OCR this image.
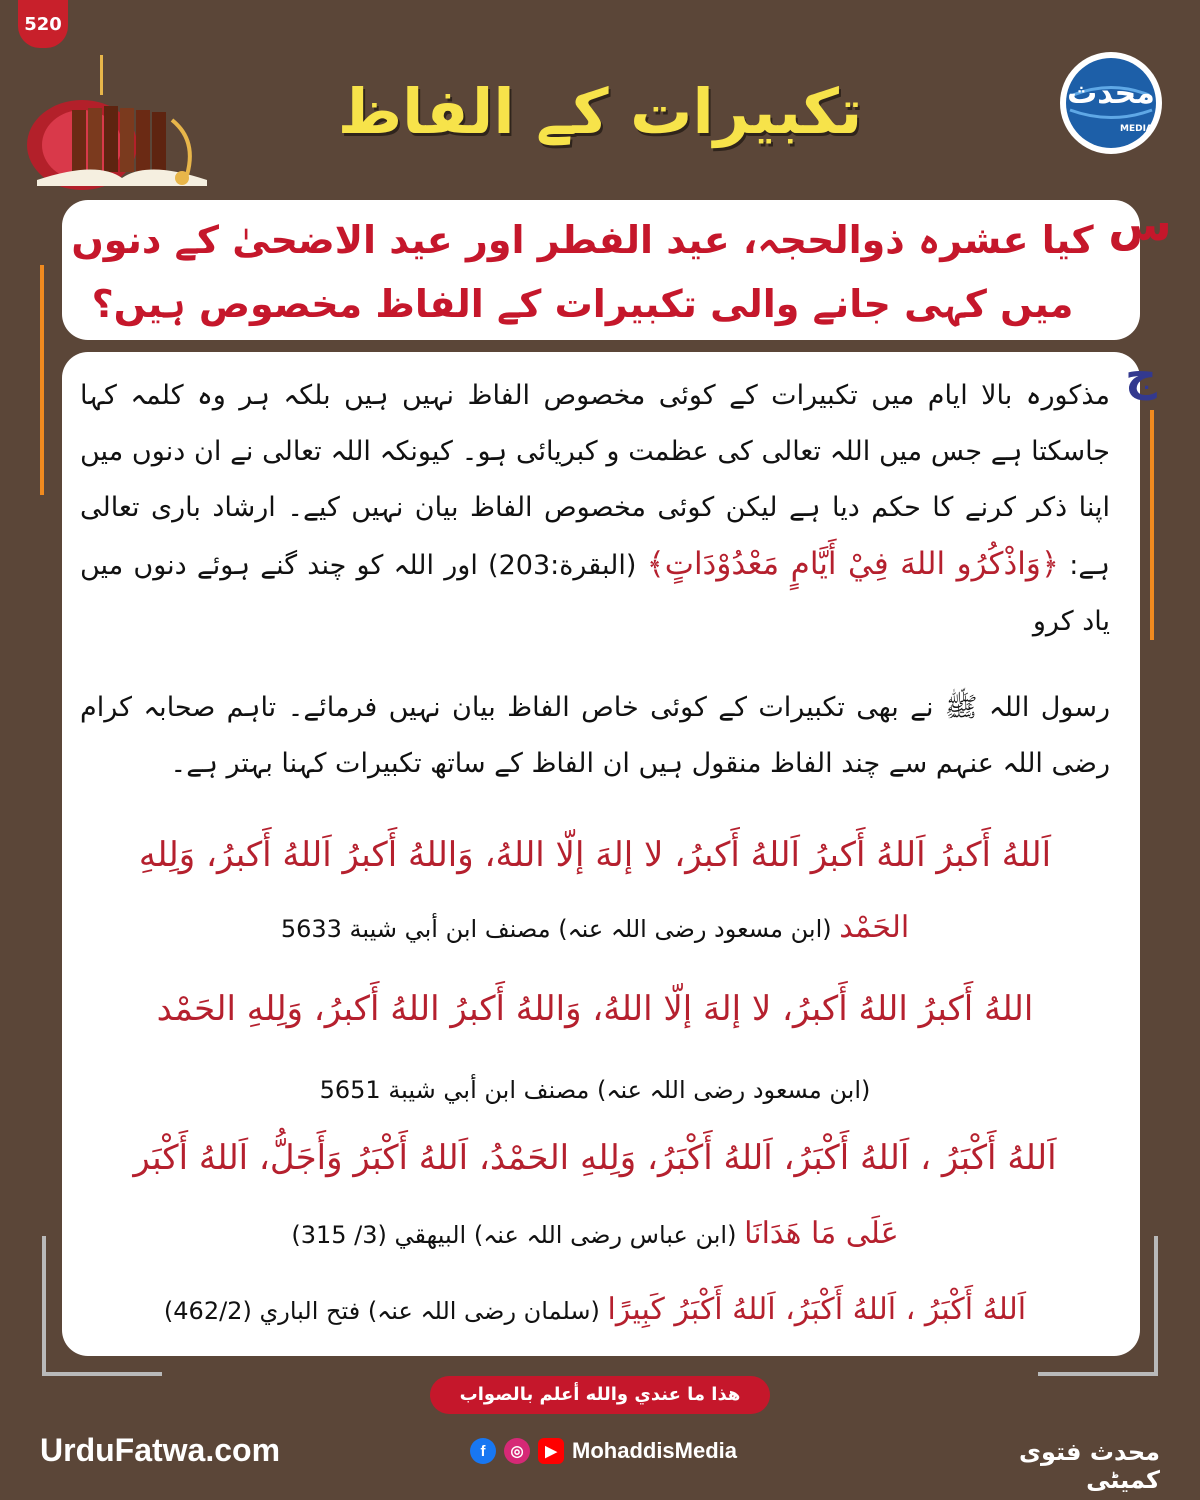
520
تکبیرات کے الفاظ	محدث
MEDIA
کیا عشرہ ذوالحجہ، عید الفطر اور عید الاضحیٰ کے دنوں میں کہی جانے والی تکبیرات کے الفاظ مخصوص ہیں؟
س
ج
مذکورہ بالا ایام میں تکبیرات کے کوئی مخصوص الفاظ نہیں ہیں بلکہ ہر وہ کلمہ کہا جاسکتا ہے جس میں اللہ تعالی کی عظمت و کبریائی ہو۔ کیونکہ اللہ تعالی نے ان دنوں میں اپنا ذکر کرنے کا حکم دیا ہے لیکن کوئی مخصوص الفاظ بیان نہیں کیے۔ ارشاد باری تعالی ہے: ﴿وَاذْكُرُو اللهَ فِيْ أَيَّامٍ مَعْدُوْدَاتٍ﴾ (البقرة:203) اور اللہ کو چند گنے ہوئے دنوں میں یاد کرو
رسول اللہ ﷺ نے بھی تکبیرات کے کوئی خاص الفاظ بیان نہیں فرمائے۔ تاہم صحابہ کرام رضی اللہ عنہم سے چند الفاظ منقول ہیں ان الفاظ کے ساتھ تکبیرات کہنا بہتر ہے۔
اَللهُ أَكبرُ اَللهُ أَكبرُ اَللهُ أَكبرُ، لا إلهَ إلّا اللهُ، وَاللهُ أَكبرُ اَللهُ أَكبرُ، وَلِلهِ
الحَمْد (ابن مسعود رضی اللہ عنہ) مصنف ابن أبي شيبة 5633
اللهُ أَكبرُ اللهُ أَكبرُ، لا إلهَ إلّا اللهُ، وَاللهُ أَكبرُ اللهُ أَكبرُ، وَلِلهِ الحَمْد
(ابن مسعود رضی اللہ عنہ) مصنف ابن أبي شيبة 5651
اَللهُ أَكْبَرُ ، اَللهُ أَكْبَرُ، اَللهُ أَكْبَرُ، وَلِلهِ الحَمْدُ، اَللهُ أَكْبَرُ وَأَجَلُّ، اَللهُ أَكْبَر
عَلَى مَا هَدَانَا (ابن عباس رضی اللہ عنہ) البيهقي (3/ 315)
اَللهُ أَكْبَرُ ، اَللهُ أَكْبَرُ، اَللهُ أَكْبَرُ كَبِيرًا (سلمان رضی اللہ عنہ) فتح الباري (462/2)
هذا ما عندي والله أعلم بالصواب
UrduFatwa.com	f	◎	▶ MohaddisMedia	محدث فتوی کمیٹی
